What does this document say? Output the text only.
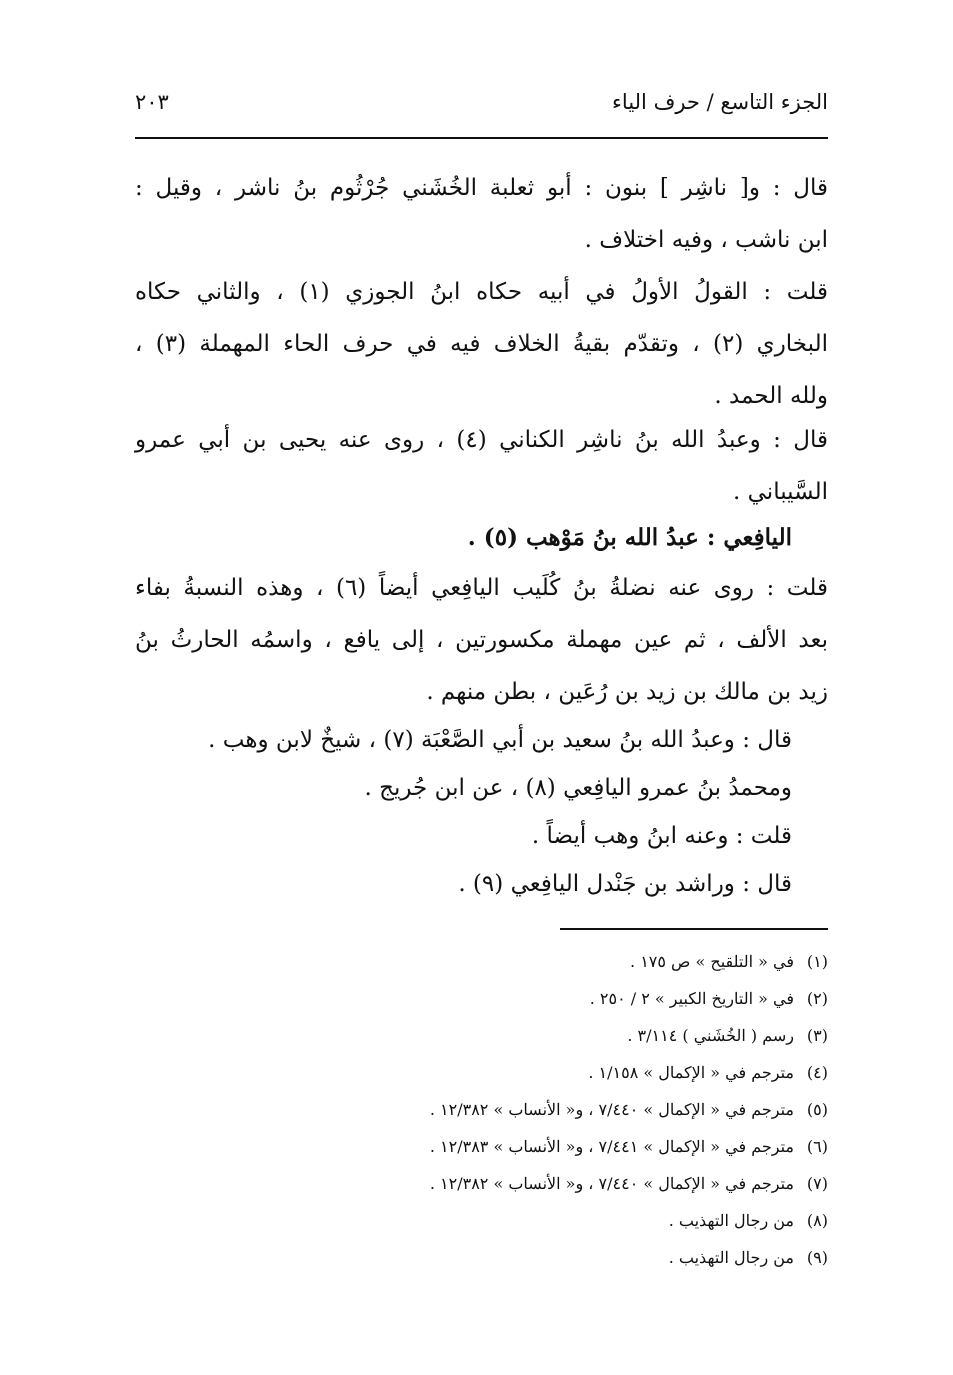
الجزء التاسع / حرف الياء
٢٠٣
قال : و[ ناشِر ] بنون : أبو ثعلبة الخُشَني جُرْثُوم بنُ ناشر ، وقيل :
ابن ناشب ، وفيه اختلاف .
قلت : القولُ الأولُ في أبيه حكاه ابنُ الجوزي (١) ، والثاني حكاه
البخاري (٢) ، وتقدّم بقيةُ الخلاف فيه في حرف الحاء المهملة (٣) ،
ولله الحمد .
قال : وعبدُ الله بنُ ناشِر الكناني (٤) ، روى عنه يحيى بن أبي عمرو
السَّيباني .
اليافِعي : عبدُ الله بنُ مَوْهب (٥) .
قلت : روى عنه نضلةُ بنُ كُلَيب اليافِعي أيضاً (٦) ، وهذه النسبةُ بفاء
بعد الألف ، ثم عين مهملة مكسورتين ، إلى يافع ، واسمُه الحارثُ بنُ
زيد بن مالك بن زيد بن رُعَين ، بطن منهم .
قال : وعبدُ الله بنُ سعيد بن أبي الصَّعْبَة (٧) ، شيخٌ لابن وهب .
ومحمدُ بنُ عمرو اليافِعي (٨) ، عن ابن جُريج .
قلت : وعنه ابنُ وهب أيضاً .
قال : وراشد بن جَنْدل اليافِعي (٩) .
(١)في « التلقيح » ص ١٧٥ .
(٢)في « التاريخ الكبير » ٢ / ٢٥٠ .
(٣)رسم ( الخُشَني ) ٣/١١٤ .
(٤)مترجم في « الإكمال » ١/١٥٨ .
(٥)مترجم في « الإكمال » ٧/٤٤٠ ، و« الأنساب » ١٢/٣٨٢ .
(٦)مترجم في « الإكمال » ٧/٤٤١ ، و« الأنساب » ١٢/٣٨٣ .
(٧)مترجم في « الإكمال » ٧/٤٤٠ ، و« الأنساب » ١٢/٣٨٢ .
(٨)من رجال التهذيب .
(٩)من رجال التهذيب .
